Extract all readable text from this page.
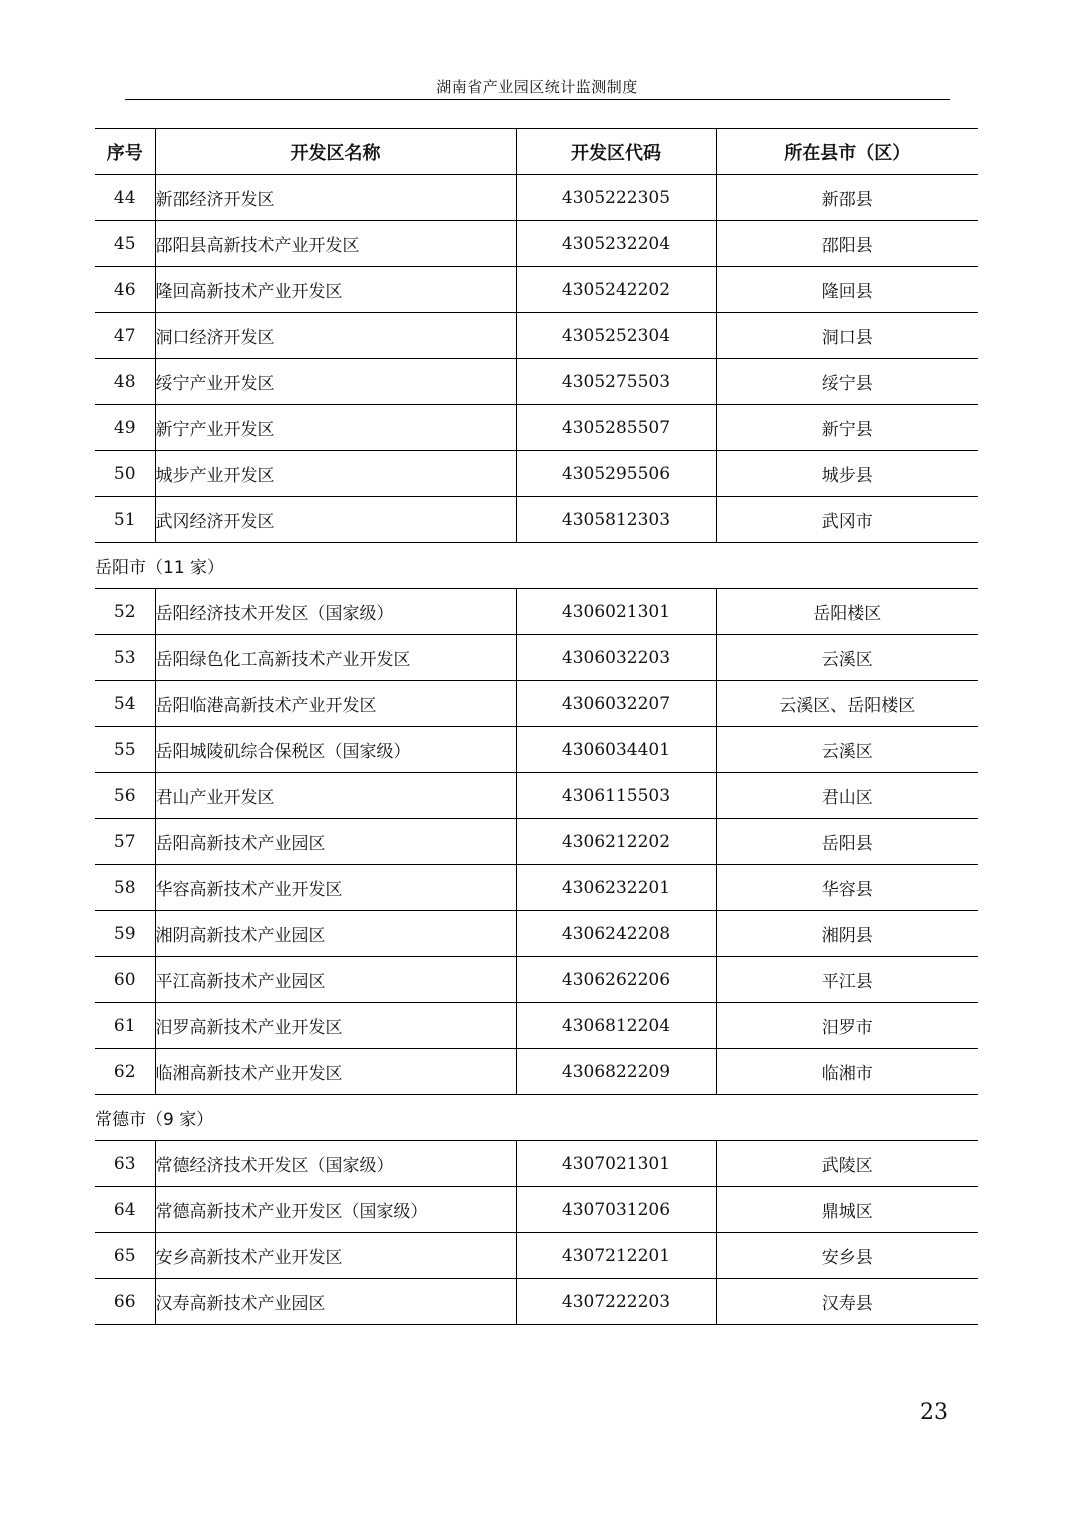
湖南省产业园区统计监测制度
序号	开发区名称	开发区代码	所在县市（区）
44	新邵经济开发区	4305222305	新邵县
45	邵阳县高新技术产业开发区	4305232204	邵阳县
46	隆回高新技术产业开发区	4305242202	隆回县
47	洞口经济开发区	4305252304	洞口县
48	绥宁产业开发区	4305275503	绥宁县
49	新宁产业开发区	4305285507	新宁县
50	城步产业开发区	4305295506	城步县
51	武冈经济开发区	4305812303	武冈市
岳阳市（11 家）			
52	岳阳经济技术开发区（国家级）	4306021301	岳阳楼区
53	岳阳绿色化工高新技术产业开发区	4306032203	云溪区
54	岳阳临港高新技术产业开发区	4306032207	云溪区、岳阳楼区
55	岳阳城陵矶综合保税区（国家级）	4306034401	云溪区
56	君山产业开发区	4306115503	君山区
57	岳阳高新技术产业园区	4306212202	岳阳县
58	华容高新技术产业开发区	4306232201	华容县
59	湘阴高新技术产业园区	4306242208	湘阴县
60	平江高新技术产业园区	4306262206	平江县
61	汨罗高新技术产业开发区	4306812204	汨罗市
62	临湘高新技术产业开发区	4306822209	临湘市
常德市（9 家）			
63	常德经济技术开发区（国家级）	4307021301	武陵区
64	常德高新技术产业开发区（国家级）	4307031206	鼎城区
65	安乡高新技术产业开发区	4307212201	安乡县
66	汉寿高新技术产业园区	4307222203	汉寿县
23
